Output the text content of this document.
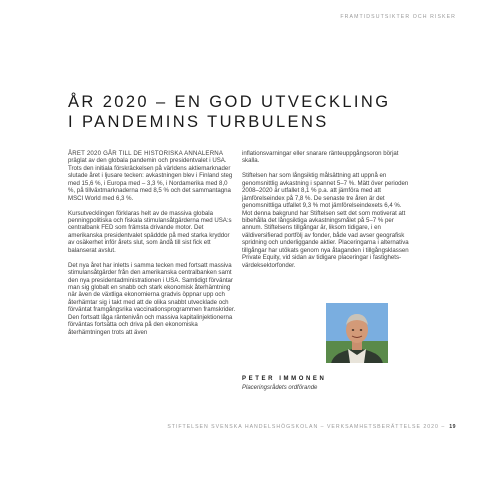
FRAMTIDSUTSIKTER OCH RISKER
ÅR 2020 – EN GOD UTVECKLING
I PANDEMINS TURBULENS

ÅRET 2020 GÅR TILL DE HISTORISKA ANNALERNA präglat av den globala pandemin och presidentvalet i USA. Trots den initiala förskräckelsen på världens aktiemarknader slutade året i ljusare tecken: avkastningen blev i Finland steg med 15,6 %, i Europa med – 3,3 %, i Nordamerika med 8,0 %, på tillväxtmarknaderna med 8,5 % och det sammantagna MSCI World med 6,3 %.

Kursutvecklingen förklaras helt av de massiva globala penningpolitiska och fiskala stimulansåtgärderna med USA:s centralbank FED som främsta drivande motor. Det amerikanska presidentvalet späddde på med starka kryddor av osäkerhet inför årets slut, som ändå till sist fick ett balanserat avslut.

Det nya året har inletts i samma tecken med fortsatt massiva stimulansåtgärder från den amerikanska centralbanken samt den nya presidentadministrationen i USA. Samtidigt förväntar man sig globalt en snabb och stark ekonomisk återhämtning när även de växtliga ekonomierna gradvis öppnar upp och återhämtar sig i takt med att de olika snabbt utvecklade och förväntat framgångsrika vaccinationsprogrammen framskrider. Den fortsatt låga räntenivån och massiva kapitalinjektionerna förväntas fortsätta och driva på den ekonomiska återhämtningen trots att även

inflationsvarningar eller snarare ränteuppgångsoron börjat skalla.

Stiftelsen har som långsiktig målsättning att uppnå en genomsnittlig avkastning i spannet 5–7 %. Mätt över perioden 2008–2020 är utfallet 8,1 % p.a. att jämföra med att jämförelseindex på 7,8 %. De senaste tre åren är det genomsnittliga utfallet 9,3 % mot jämförelseindexets 6,4 %. Mot denna bakgrund har Stiftelsen sett det som motiverat att bibehålla det långsiktiga avkastningsmålet på 5–7 % per annum. Stiftelsens tillgångar är, liksom tidigare, i en väldiversifierad portfölj av fonder, både vad avser geografisk spridning och underliggande aktier. Placeringarna i alternativa tillgångar har utökats genom nya åtaganden i tillgångsklassen Private Equity, vid sidan av tidigare placeringar i fastighets-värdeksektorfonder.

PETER IMMONEN
Placeringsrådets ordförande
STIFTELSEN SVENSKA HANDELSHÖGSKOLAN – VERKSAMHETSBERÄTTELSE 2020 – 19
